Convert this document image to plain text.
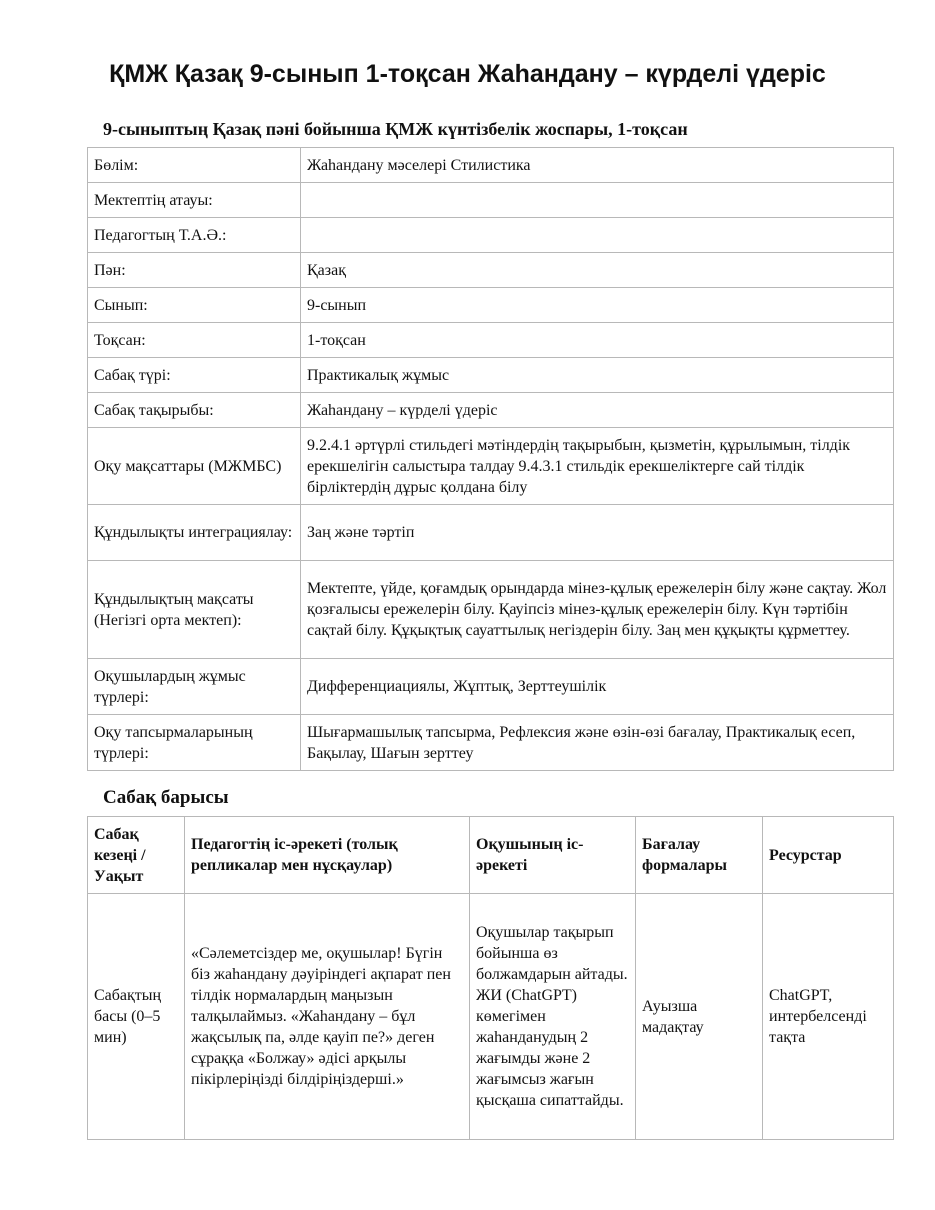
ҚМЖ Қазақ 9-сынып 1-тоқсан Жаһандану – күрделі үдеріс
9-сыныптың Қазақ пәні бойынша ҚМЖ күнтізбелік жоспары, 1-тоқсан
Бөлім:	Жаһандану мәселері Стилистика
Мектептің атауы:	
Педагогтың Т.А.Ә.:	
Пән:	Қазақ
Сынып:	9-сынып
Тоқсан:	1-тоқсан
Сабақ түрі:	Практикалық жұмыс
Сабақ тақырыбы:	Жаһандану – күрделі үдеріс
Оқу мақсаттары (МЖМБС)	9.2.4.1 әртүрлі стильдегі мәтіндердің тақырыбын, қызметін, құрылымын, тілдік ерекшелігін салыстыра талдау 9.4.3.1 стильдік ерекшеліктерге сай тілдік бірліктердің дұрыс қолдана білу
Құндылықты интеграциялау:	Заң және тәртіп
Құндылықтың мақсаты (Негізгі орта мектеп):	Мектепте, үйде, қоғамдық орындарда мінез-құлық ережелерін білу және сақтау. Жол қозғалысы ережелерін білу. Қауіпсіз мінез-құлық ережелерін білу. Күн тәртібін сақтай білу. Құқықтық сауаттылық негіздерін білу. Заң мен құқықты құрметтеу.
Оқушылардың жұмыс түрлері:	Дифференциациялы, Жұптық, Зерттеушілік
Оқу тапсырмаларының түрлері:	Шығармашылық тапсырма, Рефлексия және өзін-өзі бағалау, Практикалық есеп, Бақылау, Шағын зерттеу
Сабақ барысы
Сабақ кезеңі / Уақыт	Педагогтің іс-әрекеті (толық репликалар мен нұсқаулар)	Оқушының іс-әрекеті	Бағалау формалары	Ресурстар
Сабақтың басы (0–5 мин)	«Сәлеметсіздер ме, оқушылар! Бүгін біз жаһандану дәуіріндегі ақпарат пен тілдік нормалардың маңызын талқылаймыз. «Жаһандану – бұл жақсылық па, әлде қауіп пе?» деген сұраққа «Болжау» әдісі арқылы пікірлеріңізді білдіріңіздерші.»	Оқушылар тақырып бойынша өз болжамдарын айтады. ЖИ (ChatGPT) көмегімен жаһанданудың 2 жағымды және 2 жағымсыз жағын қысқаша сипаттайды.	Ауызша мадақтау	ChatGPT, интербелсенді тақта
